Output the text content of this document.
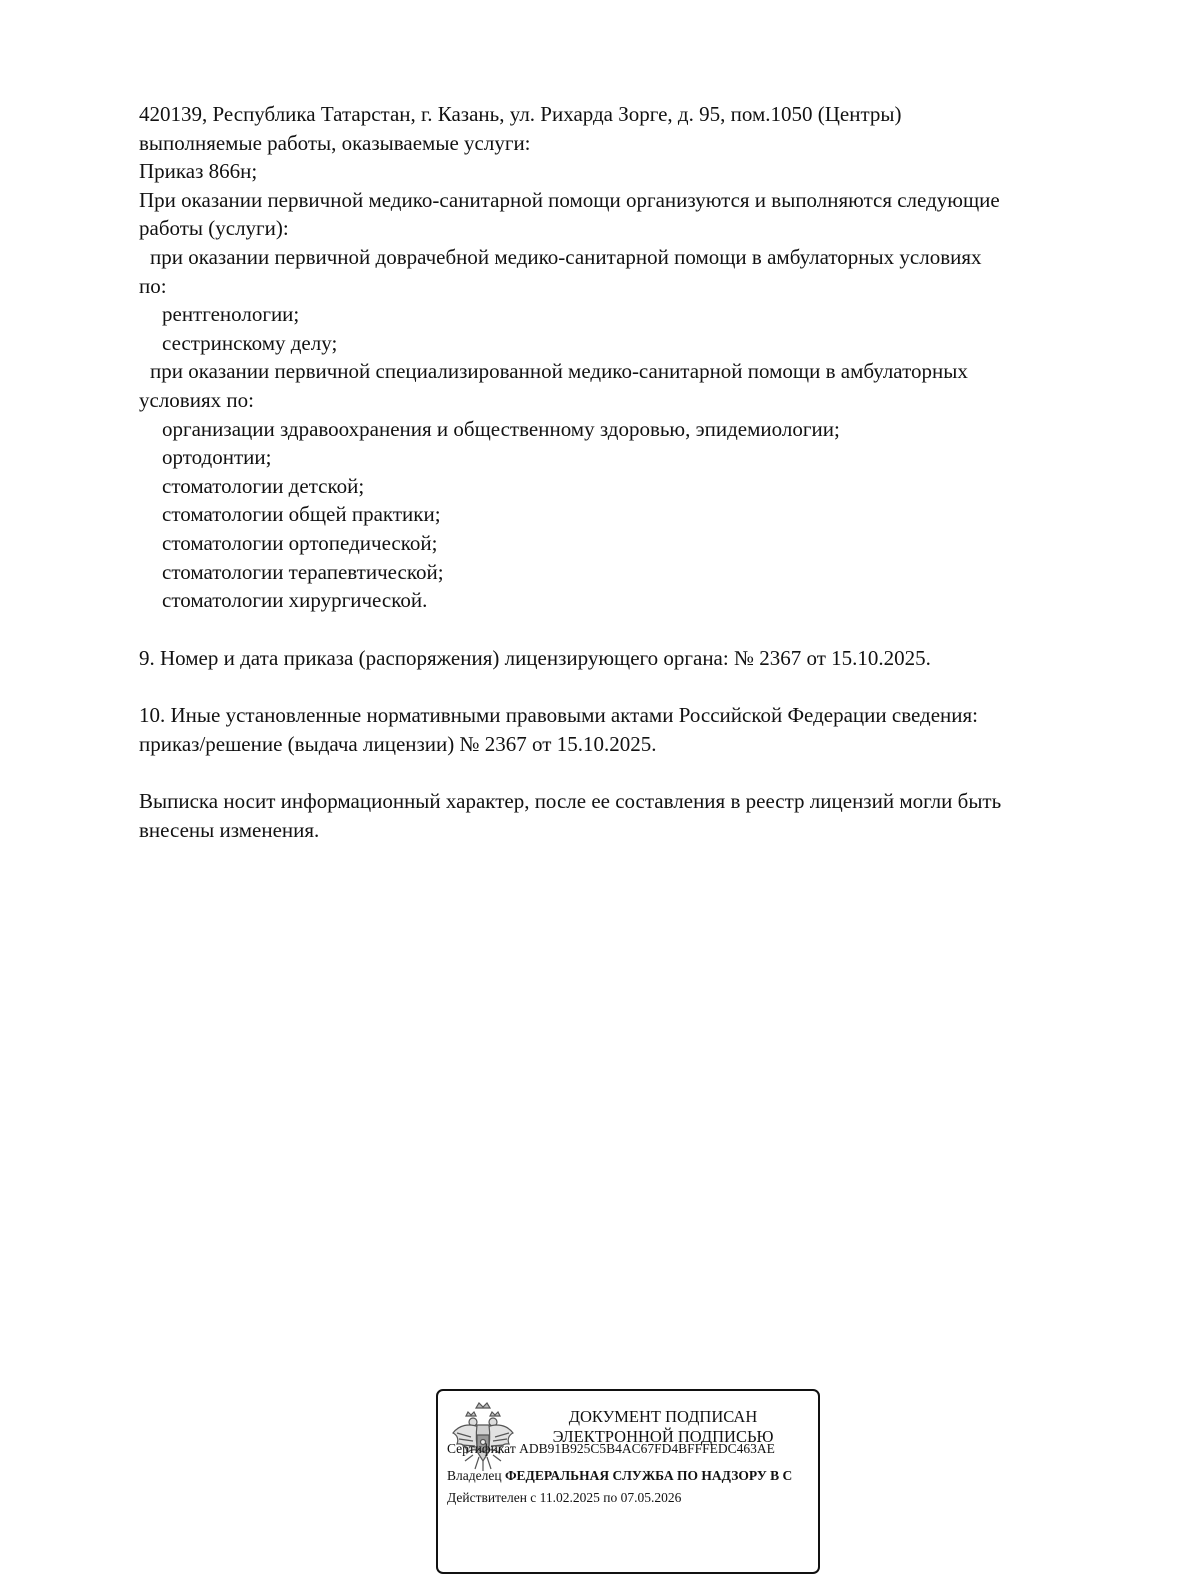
420139, Республика Татарстан, г. Казань, ул. Рихарда Зорге, д. 95, пом.1050 (Центры)
выполняемые работы, оказываемые услуги:
Приказ 866н;
При оказании первичной медико-санитарной помощи организуются и выполняются следующие
работы (услуги):
при оказании первичной доврачебной медико-санитарной помощи в амбулаторных условиях
по:
рентгенологии;
сестринскому делу;
при оказании первичной специализированной медико-санитарной помощи в амбулаторных
условиях по:
организации здравоохранения и общественному здоровью, эпидемиологии;
ортодонтии;
стоматологии детской;
стоматологии общей практики;
стоматологии ортопедической;
стоматологии терапевтической;
стоматологии хирургической.
9. Номер и дата приказа (распоряжения) лицензирующего органа: № 2367 от 15.10.2025.
10. Иные установленные нормативными правовыми актами Российской Федерации сведения:
приказ/решение (выдача лицензии) № 2367 от 15.10.2025.
Выписка носит информационный характер, после ее составления в реестр лицензий могли быть
внесены изменения.
ДОКУМЕНТ ПОДПИСАН
ЭЛЕКТРОННОЙ ПОДПИСЬЮ
Сертификат ADB91B925C5B4AC67FD4BFFFEDC463AE
Владелец ФЕДЕРАЛЬНАЯ СЛУЖБА ПО НАДЗОРУ В С
Действителен с 11.02.2025 по 07.05.2026
